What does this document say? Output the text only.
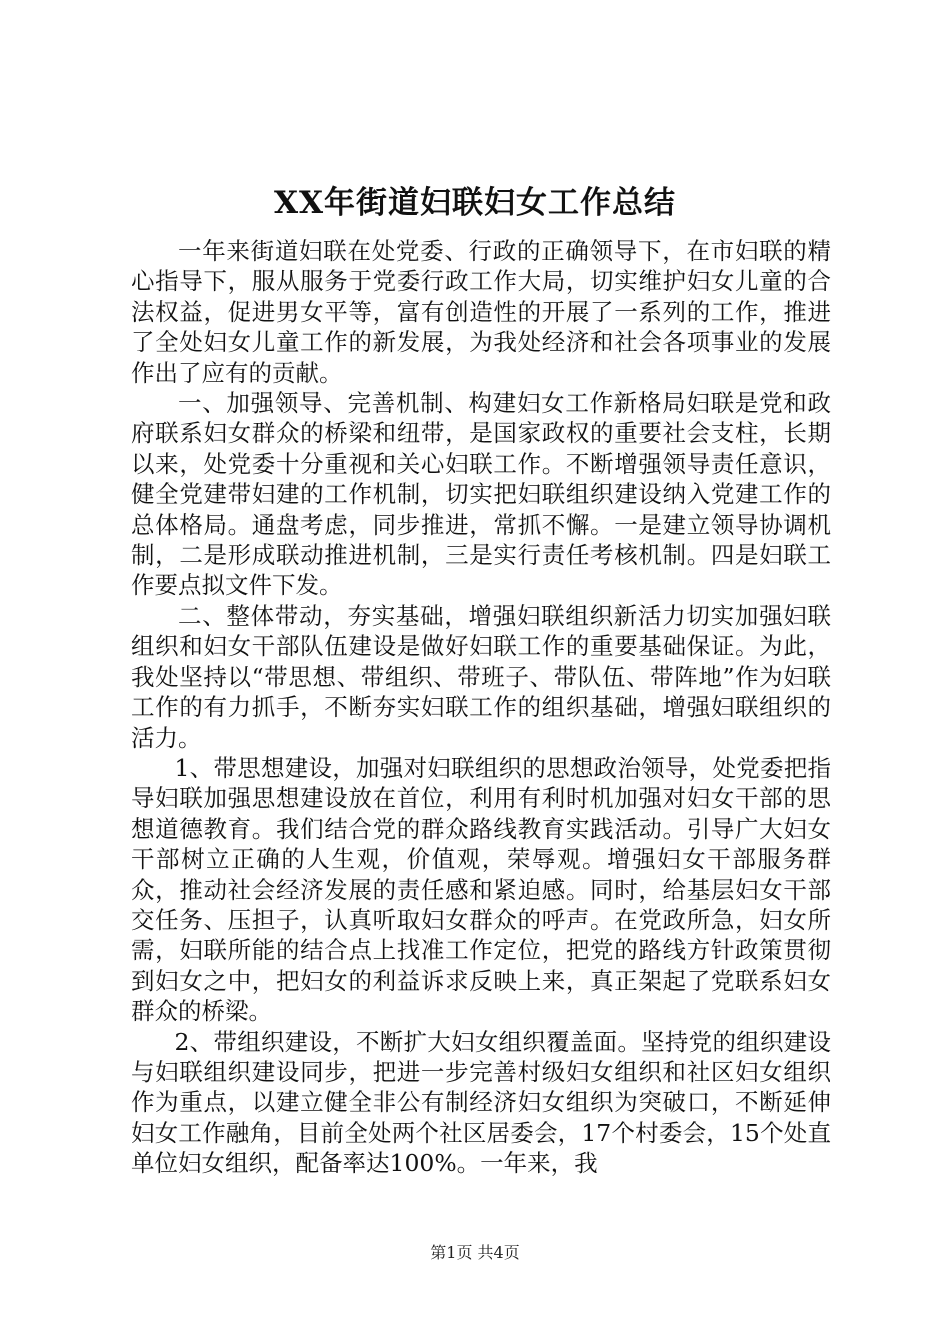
XX年街道妇联妇女工作总结

一年来街道妇联在处党委、行政的正确领导下，在市妇联的精心指导下，服从服务于党委行政工作大局，切实维护妇女儿童的合法权益，促进男女平等，富有创造性的开展了一系列的工作，推进了全处妇女儿童工作的新发展，为我处经济和社会各项事业的发展作出了应有的贡献。

一、加强领导、完善机制、构建妇女工作新格局妇联是党和政府联系妇女群众的桥梁和纽带，是国家政权的重要社会支柱，长期以来，处党委十分重视和关心妇联工作。不断增强领导责任意识，健全党建带妇建的工作机制，切实把妇联组织建设纳入党建工作的总体格局。通盘考虑，同步推进，常抓不懈。一是建立领导协调机制，二是形成联动推进机制，三是实行责任考核机制。四是妇联工作要点拟文件下发。

二、整体带动，夯实基础，增强妇联组织新活力切实加强妇联组织和妇女干部队伍建设是做好妇联工作的重要基础保证。为此，我处坚持以“带思想、带组织、带班子、带队伍、带阵地”作为妇联工作的有力抓手，不断夯实妇联工作的组织基础，增强妇联组织的活力。

1、带思想建设，加强对妇联组织的思想政治领导，处党委把指导妇联加强思想建设放在首位，利用有利时机加强对妇女干部的思想道德教育。我们结合党的群众路线教育实践活动。引导广大妇女干部树立正确的人生观，价值观，荣辱观。增强妇女干部服务群众，推动社会经济发展的责任感和紧迫感。同时，给基层妇女干部交任务、压担子，认真听取妇女群众的呼声。在党政所急，妇女所需，妇联所能的结合点上找准工作定位，把党的路线方针政策贯彻到妇女之中，把妇女的利益诉求反映上来，真正架起了党联系妇女群众的桥梁。

2、带组织建设，不断扩大妇女组织覆盖面。坚持党的组织建设与妇联组织建设同步，把进一步完善村级妇女组织和社区妇女组织作为重点，以建立健全非公有制经济妇女组织为突破口，不断延伸妇女工作融角，目前全处两个社区居委会，17个村委会，15个处直单位妇女组织，配备率达100%。一年来，我

第1页 共4页
